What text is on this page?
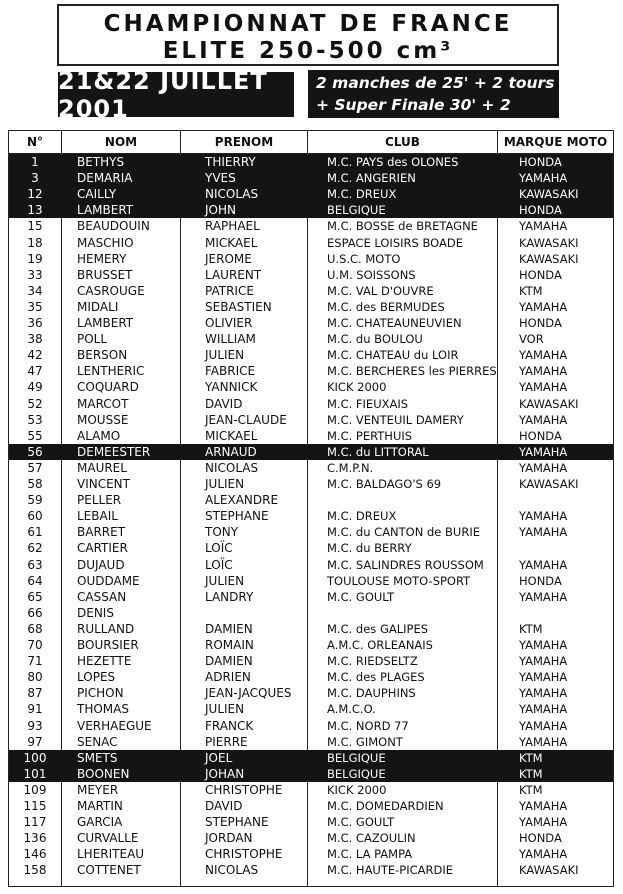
CHAMPIONNAT DE FRANCE
ELITE 250-500 cm³
21&22 JUILLET 2001
2 manches de 25' + 2 tours
+ Super Finale 30' + 2 tours
N°	NOM	PRENOM	CLUB	MARQUE MOTO
1	BETHYS	THIERRY	M.C. PAYS des OLONES	HONDA
3	DEMARIA	YVES	M.C. ANGERIEN	YAMAHA
12	CAILLY	NICOLAS	M.C. DREUX	KAWASAKI
13	LAMBERT	JOHN	BELGIQUE	HONDA
15	BEAUDOUIN	RAPHAEL	M.C. BOSSE de BRETAGNE	YAMAHA
18	MASCHIO	MICKAEL	ESPACE LOISIRS BOADE	KAWASAKI
19	HEMERY	JEROME	U.S.C. MOTO	KAWASAKI
33	BRUSSET	LAURENT	U.M. SOISSONS	HONDA
34	CASROUGE	PATRICE	M.C. VAL D'OUVRE	KTM
35	MIDALI	SEBASTIEN	M.C. des BERMUDES	YAMAHA
36	LAMBERT	OLIVIER	M.C. CHATEAUNEUVIEN	HONDA
38	POLL	WILLIAM	M.C. du BOULOU	VOR
42	BERSON	JULIEN	M.C. CHATEAU du LOIR	YAMAHA
47	LENTHERIC	FABRICE	M.C. BERCHERES les PIERRES YAMAHA
49	COQUARD	YANNICK	KICK 2000	YAMAHA
52	MARCOT	DAVID	M.C. FIEUXAIS	KAWASAKI
53	MOUSSE	JEAN-CLAUDE	M.C. VENTEUIL DAMERY	YAMAHA
55	ALAMO	MICKAEL	M.C. PERTHUIS	HONDA
56	DEMEESTER	ARNAUD	M.C. du LITTORAL	YAMAHA
57	MAUREL	NICOLAS	C.M.P.N.	YAMAHA
58	VINCENT	JULIEN	M.C. BALDAGO'S 69	KAWASAKI
59	PELLER	ALEXANDRE
60	LEBAIL	STEPHANE	M.C. DREUX	YAMAHA
61	BARRET	TONY	M.C. du CANTON de BURIE	YAMAHA
62	CARTIER	LOÏC	M.C. du BERRY
63	DUJAUD	LOÏC	M.C. SALINDRES ROUSSOM	YAMAHA
64	OUDDAME	JULIEN	TOULOUSE MOTO-SPORT	HONDA
65	CASSAN	LANDRY	M.C. GOULT	YAMAHA
66	DENIS
68	RULLAND	DAMIEN	M.C. des GALIPES	KTM
70	BOURSIER	ROMAIN	A.M.C. ORLEANAIS	YAMAHA
71	HEZETTE	DAMIEN	M.C. RIEDSELTZ	YAMAHA
80	LOPES	ADRIEN	M.C. des PLAGES	YAMAHA
87	PICHON	JEAN-JACQUES	M.C. DAUPHINS	YAMAHA
91	THOMAS	JULIEN	A.M.C.O.	YAMAHA
93	VERHAEGUE	FRANCK	M.C. NORD 77	YAMAHA
97	SENAC	PIERRE	M.C. GIMONT	YAMAHA
100	SMETS	JOEL	BELGIQUE	KTM
101	BOONEN	JOHAN	BELGIQUE	KTM
109	MEYER	CHRISTOPHE	KICK 2000	KTM
115	MARTIN	DAVID	M.C. DOMEDARDIEN	YAMAHA
117	GARCIA	STEPHANE	M.C. GOULT	YAMAHA
136	CURVALLE	JORDAN	M.C. CAZOULIN	HONDA
146	LHERITEAU	CHRISTOPHE	M.C. LA PAMPA	YAMAHA
158	COTTENET	NICOLAS	M.C. HAUTE-PICARDIE	KAWASAKI
